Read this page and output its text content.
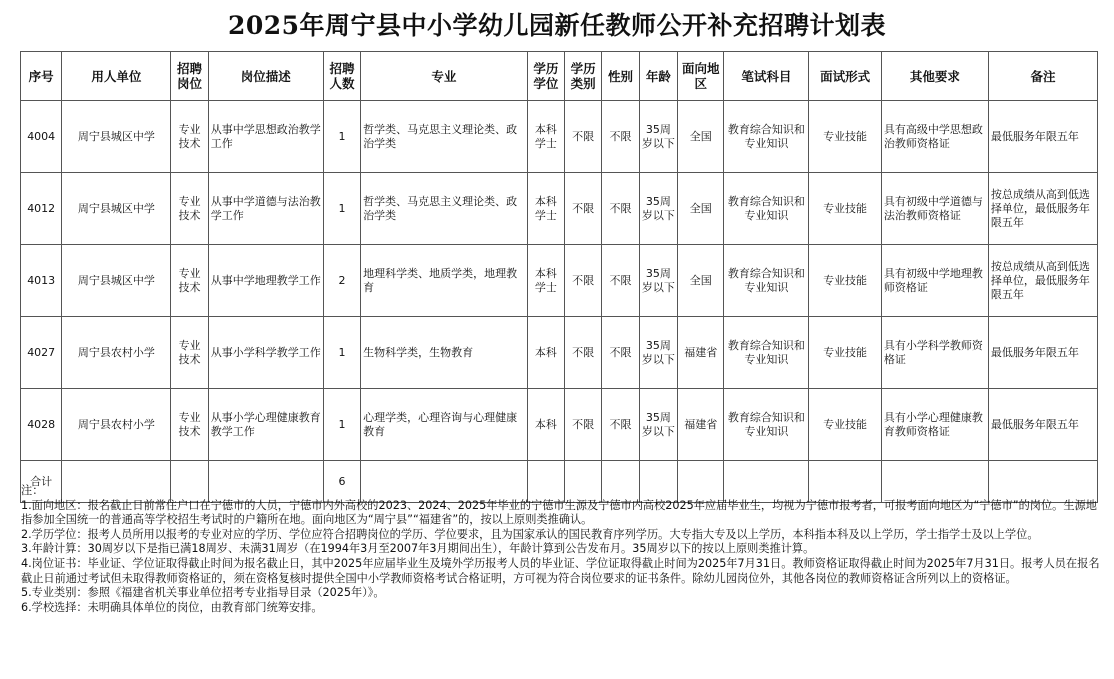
2025年周宁县中小学幼儿园新任教师公开补充招聘计划表
序号	用人单位	招聘岗位	岗位描述	招聘人数	专业	学历学位	学历类别	性别	年龄	面向地区	笔试科目	面试形式	其他要求	备注
4004	周宁县城区中学	专业技术	从事中学思想政治教学工作	1	哲学类、马克思主义理论类、政治学类	本科学士	不限	不限	35周岁以下	全国	教育综合知识和专业知识	专业技能	具有高级中学思想政治教师资格证	最低服务年限五年
4012	周宁县城区中学	专业技术	从事中学道德与法治教学工作	1	哲学类、马克思主义理论类、政治学类	本科学士	不限	不限	35周岁以下	全国	教育综合知识和专业知识	专业技能	具有初级中学道德与法治教师资格证	按总成绩从高到低选择单位，最低服务年限五年
4013	周宁县城区中学	专业技术	从事中学地理教学工作	2	地理科学类、地质学类，地理教育	本科学士	不限	不限	35周岁以下	全国	教育综合知识和专业知识	专业技能	具有初级中学地理教师资格证	按总成绩从高到低选择单位，最低服务年限五年
4027	周宁县农村小学	专业技术	从事小学科学教学工作	1	生物科学类，生物教育	本科	不限	不限	35周岁以下	福建省	教育综合知识和专业知识	专业技能	具有小学科学教师资格证	最低服务年限五年
4028	周宁县农村小学	专业技术	从事小学心理健康教育教学工作	1	心理学类，心理咨询与心理健康教育	本科	不限	不限	35周岁以下	福建省	教育综合知识和专业知识	专业技能	具有小学心理健康教育教师资格证	最低服务年限五年
合计				6										
注：
1.面向地区：报名截止日前常住户口在宁德市的人员，宁德市内外高校的2023、2024、2025年毕业的宁德市生源及宁德市内高校2025年应届毕业生，均视为宁德市报考者，可报考面向地区为“宁德市”的岗位。生源地指参加全国统一的普通高等学校招生考试时的户籍所在地。面向地区为“周宁县”“福建省”的，按以上原则类推确认。
2.学历学位：报考人员所用以报考的专业对应的学历、学位应符合招聘岗位的学历、学位要求，且为国家承认的国民教育序列学历。大专指大专及以上学历，本科指本科及以上学历，学士指学士及以上学位。
3.年龄计算：30周岁以下是指已满18周岁、未满31周岁（在1994年3月至2007年3月期间出生），年龄计算到公告发布月。35周岁以下的按以上原则类推计算。
4.岗位证书：毕业证、学位证取得截止时间为报名截止日，其中2025年应届毕业生及境外学历报考人员的毕业证、学位证取得截止时间为2025年7月31日。教师资格证取得截止时间为2025年7月31日。报考人员在报名截止日前通过考试但未取得教师资格证的，须在资格复核时提供全国中小学教师资格考试合格证明，方可视为符合岗位要求的证书条件。除幼儿园岗位外，其他各岗位的教师资格证含所列以上的资格证。
5.专业类别：参照《福建省机关事业单位招考专业指导目录（2025年）》。
6.学校选择：未明确具体单位的岗位，由教育部门统筹安排。
